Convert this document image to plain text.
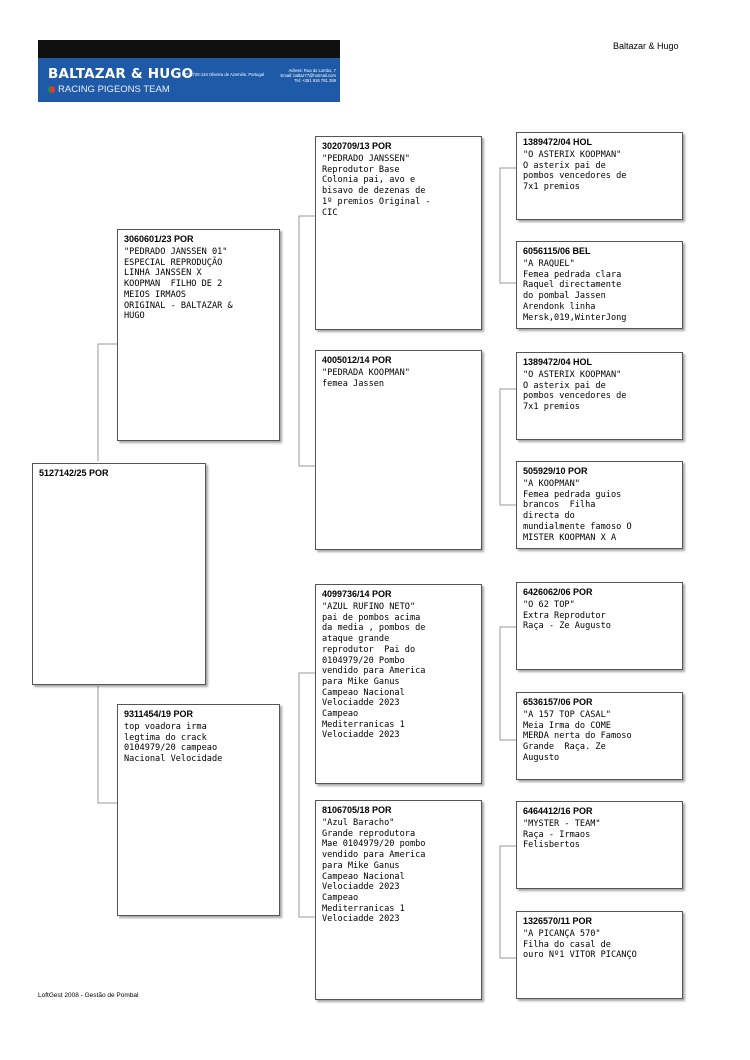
BALTAZAR & HUGO
RACING PIGEONS TEAM
CP: 3720-134 Oliveira de Azeméis, Portugal
Adress: Rua do Lombo, 7
Email: baltaz77@hotmail.com
Tel: +351 916 781 259
Baltazar & Hugo
5127142/25 POR
3060601/23 POR
"PEDRADO JANSSEN 01"
ESPECIAL REPRODUÇÃO
LINHA JANSSEN X
KOOPMAN  FILHO DE 2
MEIOS IRMAOS
ORIGINAL - BALTAZAR &
HUGO
9311454/19 POR
top voadora irma
legtima do crack
0104979/20 campeao
Nacional Velocidade
3020709/13 POR
"PEDRADO JANSSEN"
Reprodutor Base
Colonia pai, avo e
bisavo de dezenas de
1º premios Original -
CIC
4005012/14 POR
"PEDRADA KOOPMAN"
femea Jassen
4099736/14 POR
"AZUL RUFINO NETO"
pai de pombos acima
da media , pombos de
ataque grande
reprodutor  Pai do
0104979/20 Pombo
vendido para America
para Mike Ganus
Campeao Nacional
Velociadde 2023
Campeao
Mediterranicas 1
Velociadde 2023
8106705/18 POR
"Azul Baracho"
Grande reprodutora
Mae 0104979/20 pombo
vendido para America
para Mike Ganus
Campeao Nacional
Velociadde 2023
Campeao
Mediterranicas 1
Velociadde 2023
1389472/04 HOL
"O ASTERIX KOOPMAN"
O asterix pai de
pombos vencedores de
7x1 premios
6056115/06 BEL
"A RAQUEL"
Femea pedrada clara
Raquel directamente
do pombal Jassen
Arendonk linha
Mersk,019,WinterJong
1389472/04 HOL
"O ASTERIX KOOPMAN"
O asterix pai de
pombos vencedores de
7x1 premios
505929/10 POR
"A KOOPMAN"
Femea pedrada guios
brancos  Filha
directa do
mundialmente famoso O
MISTER KOOPMAN X A
6426062/06 POR
"O 62 TOP"
Extra Reprodutor
Raça - Ze Augusto
6536157/06 POR
"A 157 TOP CASAL"
Meia Irma do COME
MERDA nerta do Famoso
Grande  Raça. Ze
Augusto
6464412/16 POR
"MYSTER - TEAM"
Raça - Irmaos
Felisbertos
1326570/11 POR
"A PICANÇA 570"
Filha do casal de
ouro Nº1 VITOR PICANÇO
LoftGest 2008 - Gestão de Pombal
